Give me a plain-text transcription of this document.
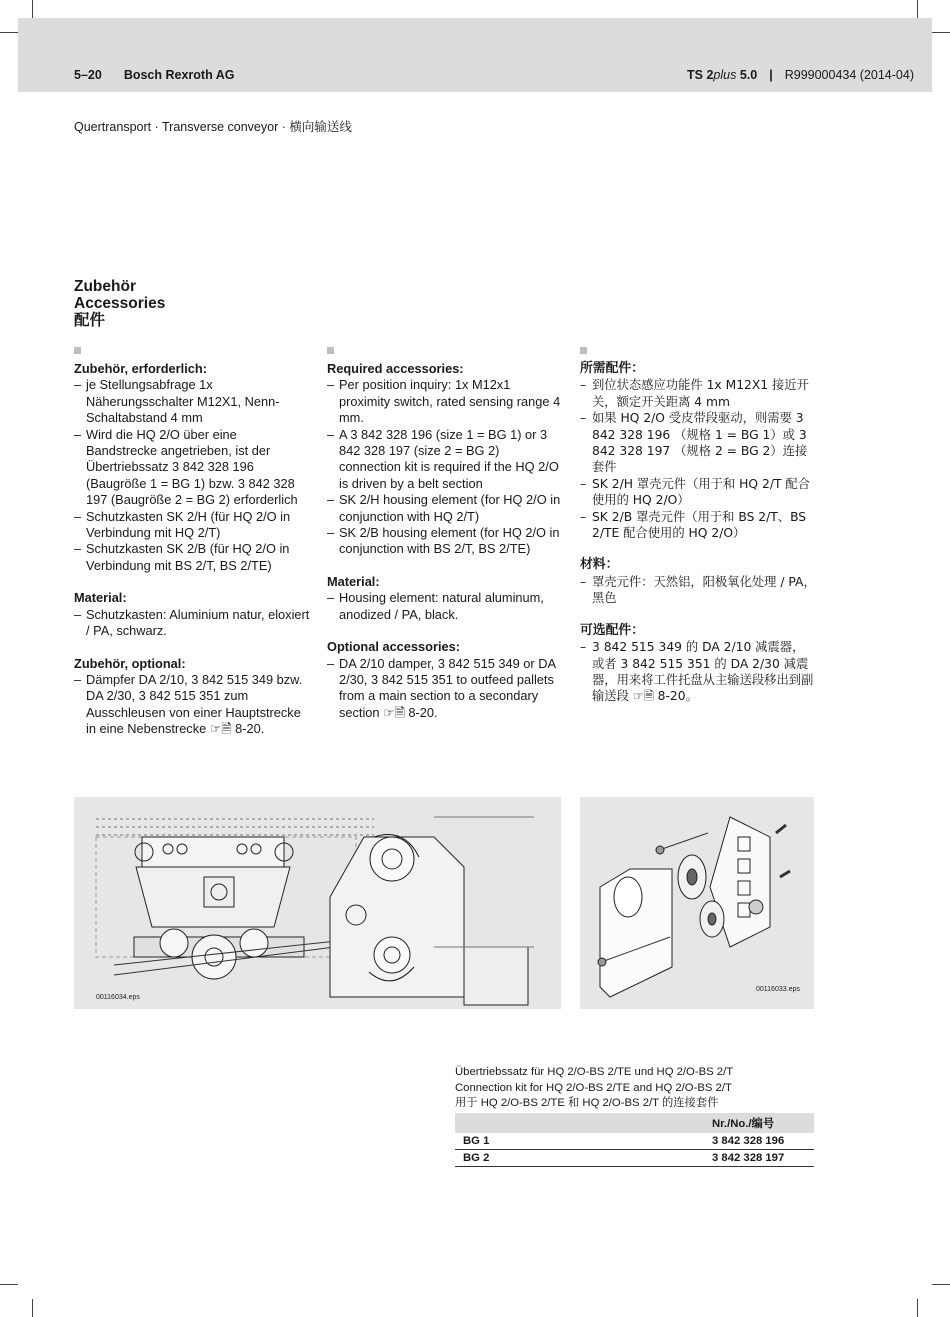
5–20 Bosch Rexroth AG	TS 2plus 5.0 | R999000434 (2014-04)
Quertransport · Transverse conveyor · 横向输送线
Zubehör
Accessories
配件
Zubehör, erforderlich:
– je Stellungsabfrage 1x Näherungsschalter M12X1, Nenn-Schaltabstand 4 mm
– Wird die HQ 2/O über eine Bandstrecke angetrieben, ist der Übertriebssatz 3 842 328 196 (Baugröße 1 = BG 1) bzw. 3 842 328 197 (Baugröße 2 = BG 2) erforderlich
– Schutzkasten SK 2/H (für HQ 2/O in Verbindung mit HQ 2/T)
– Schutzkasten SK 2/B (für HQ 2/O in Verbindung mit BS 2/T, BS 2/TE)
Material:
– Schutzkasten: Aluminium natur, eloxiert / PA, schwarz.
Zubehör, optional:
– Dämpfer DA 2/10, 3 842 515 349 bzw. DA 2/30, 3 842 515 351 zum Ausschleusen von einer Hauptstrecke in eine Nebenstrecke ☞🗎 8-20.
Required accessories:
– Per position inquiry: 1x M12x1 proximity switch, rated sensing range 4 mm.
– A 3 842 328 196 (size 1 = BG 1) or 3 842 328 197 (size 2 = BG 2) connection kit is required if the HQ 2/O is driven by a belt section
– SK 2/H housing element (for HQ 2/O in conjunction with HQ 2/T)
– SK 2/B housing element (for HQ 2/O in conjunction with BS 2/T, BS 2/TE)
Material:
– Housing element: natural aluminum, anodized / PA, black.
Optional accessories:
– DA 2/10 damper, 3 842 515 349 or DA 2/30, 3 842 515 351 to outfeed pallets from a main section to a secondary section ☞🗎 8-20.
所需配件：
– 到位状态感应功能件 1x M12X1 接近开关，额定开关距离 4 mm
– 如果 HQ 2/O 受皮带段驱动，则需要 3 842 328 196 （规格 1 = BG 1）或 3 842 328 197 （规格 2 = BG 2）连接套件
– SK 2/H 罩壳元件（用于和 HQ 2/T 配合使用的 HQ 2/O）
– SK 2/B 罩壳元件（用于和 BS 2/T、BS 2/TE 配合使用的 HQ 2/O）
材料：
– 罩壳元件：天然铝，阳极氧化处理 / PA，黑色
可选配件：
– 3 842 515 349 的 DA 2/10 减震器，或者 3 842 515 351 的 DA 2/30 减震器，用来将工件托盘从主输送段移出到副输送段 ☞🗎 8-20。
00116034.eps
00116033.eps
Übertriebssatz für HQ 2/O-BS 2/TE und HQ 2/O-BS 2/T
Connection kit for HQ 2/O-BS 2/TE and HQ 2/O-BS 2/T
用于 HQ 2/O-BS 2/TE 和 HQ 2/O-BS 2/T 的连接套件
	Nr./No./编号
BG 1	3 842 328 196
BG 2	3 842 328 197
